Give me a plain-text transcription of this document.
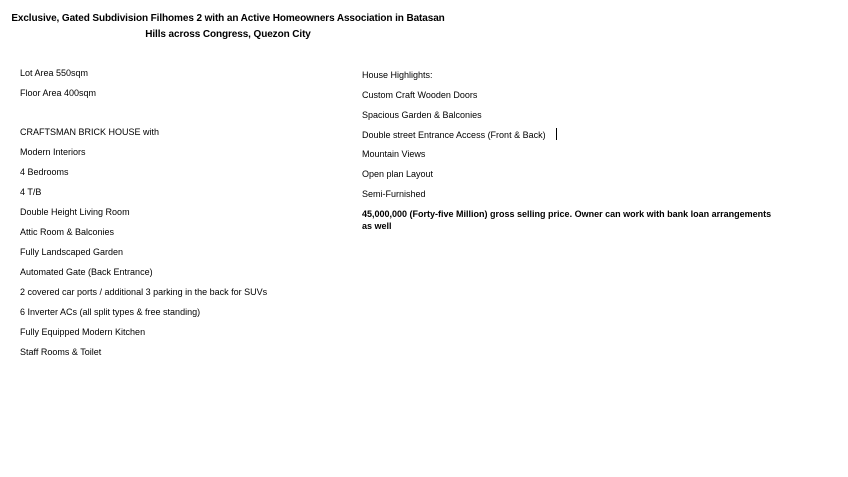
Exclusive, Gated Subdivision Filhomes 2 with an Active Homeowners Association in Batasan
Hills across Congress, Quezon City
Lot Area 550sqm
Floor Area 400sqm
CRAFTSMAN BRICK HOUSE with
Modern Interiors
4 Bedrooms
4 T/B
Double Height Living Room
Attic Room & Balconies
Fully Landscaped Garden
Automated Gate (Back Entrance)
2 covered car ports / additional 3 parking in the back for SUVs
6 Inverter ACs (all split types & free standing)
Fully Equipped Modern Kitchen
Staff Rooms & Toilet
House Highlights:
Custom Craft Wooden Doors
Spacious Garden & Balconies
Double street Entrance Access (Front & Back)
Mountain Views
Open plan Layout
Semi-Furnished
45,000,000 (Forty-five Million) gross selling price. Owner can work with bank loan arrangements as well
